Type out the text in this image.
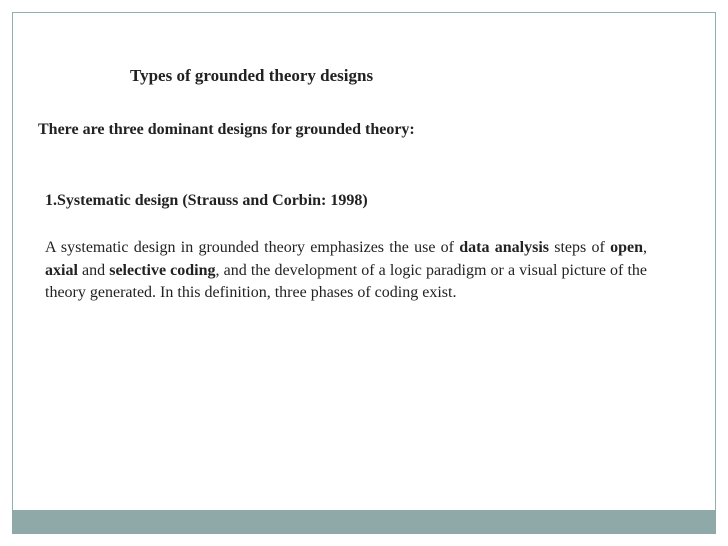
Types of grounded theory designs
There are three dominant designs for grounded theory:
1.Systematic design (Strauss and Corbin: 1998)
A systematic design in grounded theory emphasizes the use of data analysis steps of open, axial and selective coding, and the development of a logic paradigm or a visual picture of the theory generated. In this definition, three phases of coding exist.
